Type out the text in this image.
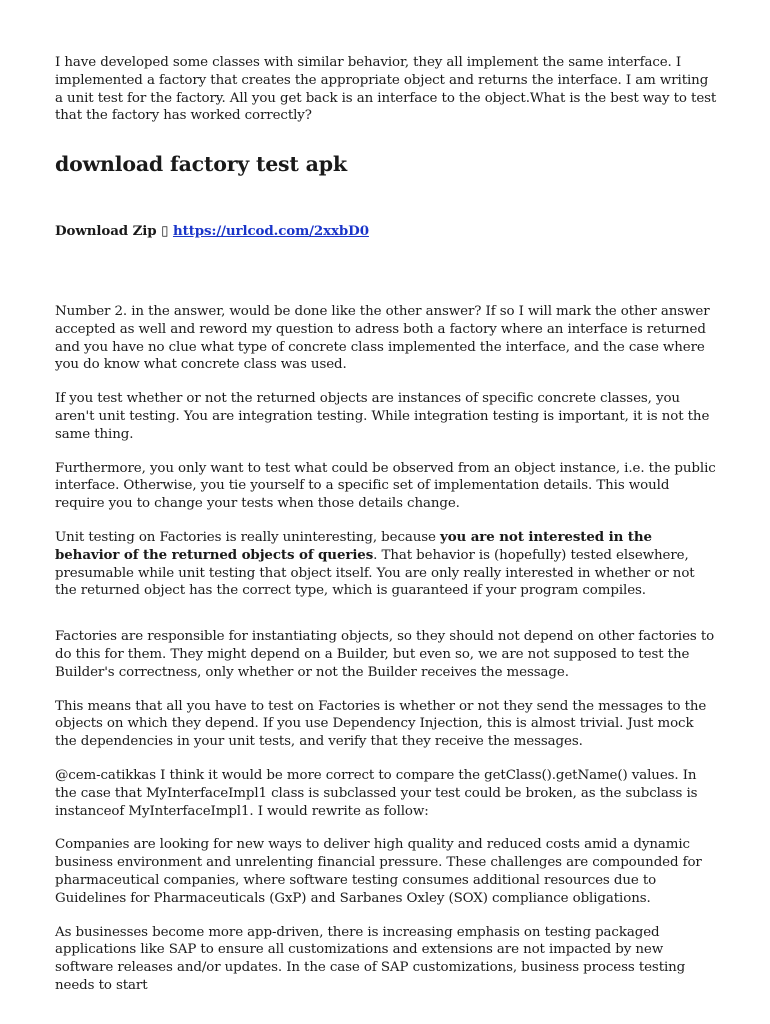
I have developed some classes with similar behavior, they all implement the same interface. I implemented a factory that creates the appropriate object and returns the interface. I am writing a unit test for the factory. All you get back is an interface to the object.What is the best way to test that the factory has worked correctly?

download factory test apk

Download Zip ▯ https://urlcod.com/2xxbD0

Number 2. in the answer, would be done like the other answer? If so I will mark the other answer accepted as well and reword my question to adress both a factory where an interface is returned and you have no clue what type of concrete class implemented the interface, and the case where you do know what concrete class was used.

If you test whether or not the returned objects are instances of specific concrete classes, you aren't unit testing. You are integration testing. While integration testing is important, it is not the same thing.

Furthermore, you only want to test what could be observed from an object instance, i.e. the public interface. Otherwise, you tie yourself to a specific set of implementation details. This would require you to change your tests when those details change.

Unit testing on Factories is really uninteresting, because you are not interested in the behavior of the returned objects of queries. That behavior is (hopefully) tested elsewhere, presumable while unit testing that object itself. You are only really interested in whether or not the returned object has the correct type, which is guaranteed if your program compiles.

Factories are responsible for instantiating objects, so they should not depend on other factories to do this for them. They might depend on a Builder, but even so, we are not supposed to test the Builder's correctness, only whether or not the Builder receives the message.

This means that all you have to test on Factories is whether or not they send the messages to the objects on which they depend. If you use Dependency Injection, this is almost trivial. Just mock the dependencies in your unit tests, and verify that they receive the messages.

@cem-catikkas I think it would be more correct to compare the getClass().getName() values. In the case that MyInterfaceImpl1 class is subclassed your test could be broken, as the subclass is instanceof MyInterfaceImpl1. I would rewrite as follow:

Companies are looking for new ways to deliver high quality and reduced costs amid a dynamic business environment and unrelenting financial pressure. These challenges are compounded for pharmaceutical companies, where software testing consumes additional resources due to Guidelines for Pharmaceuticals (GxP) and Sarbanes Oxley (SOX) compliance obligations.

As businesses become more app-driven, there is increasing emphasis on testing packaged applications like SAP to ensure all customizations and extensions are not impacted by new software releases and/or updates. In the case of SAP customizations, business process testing needs to start
